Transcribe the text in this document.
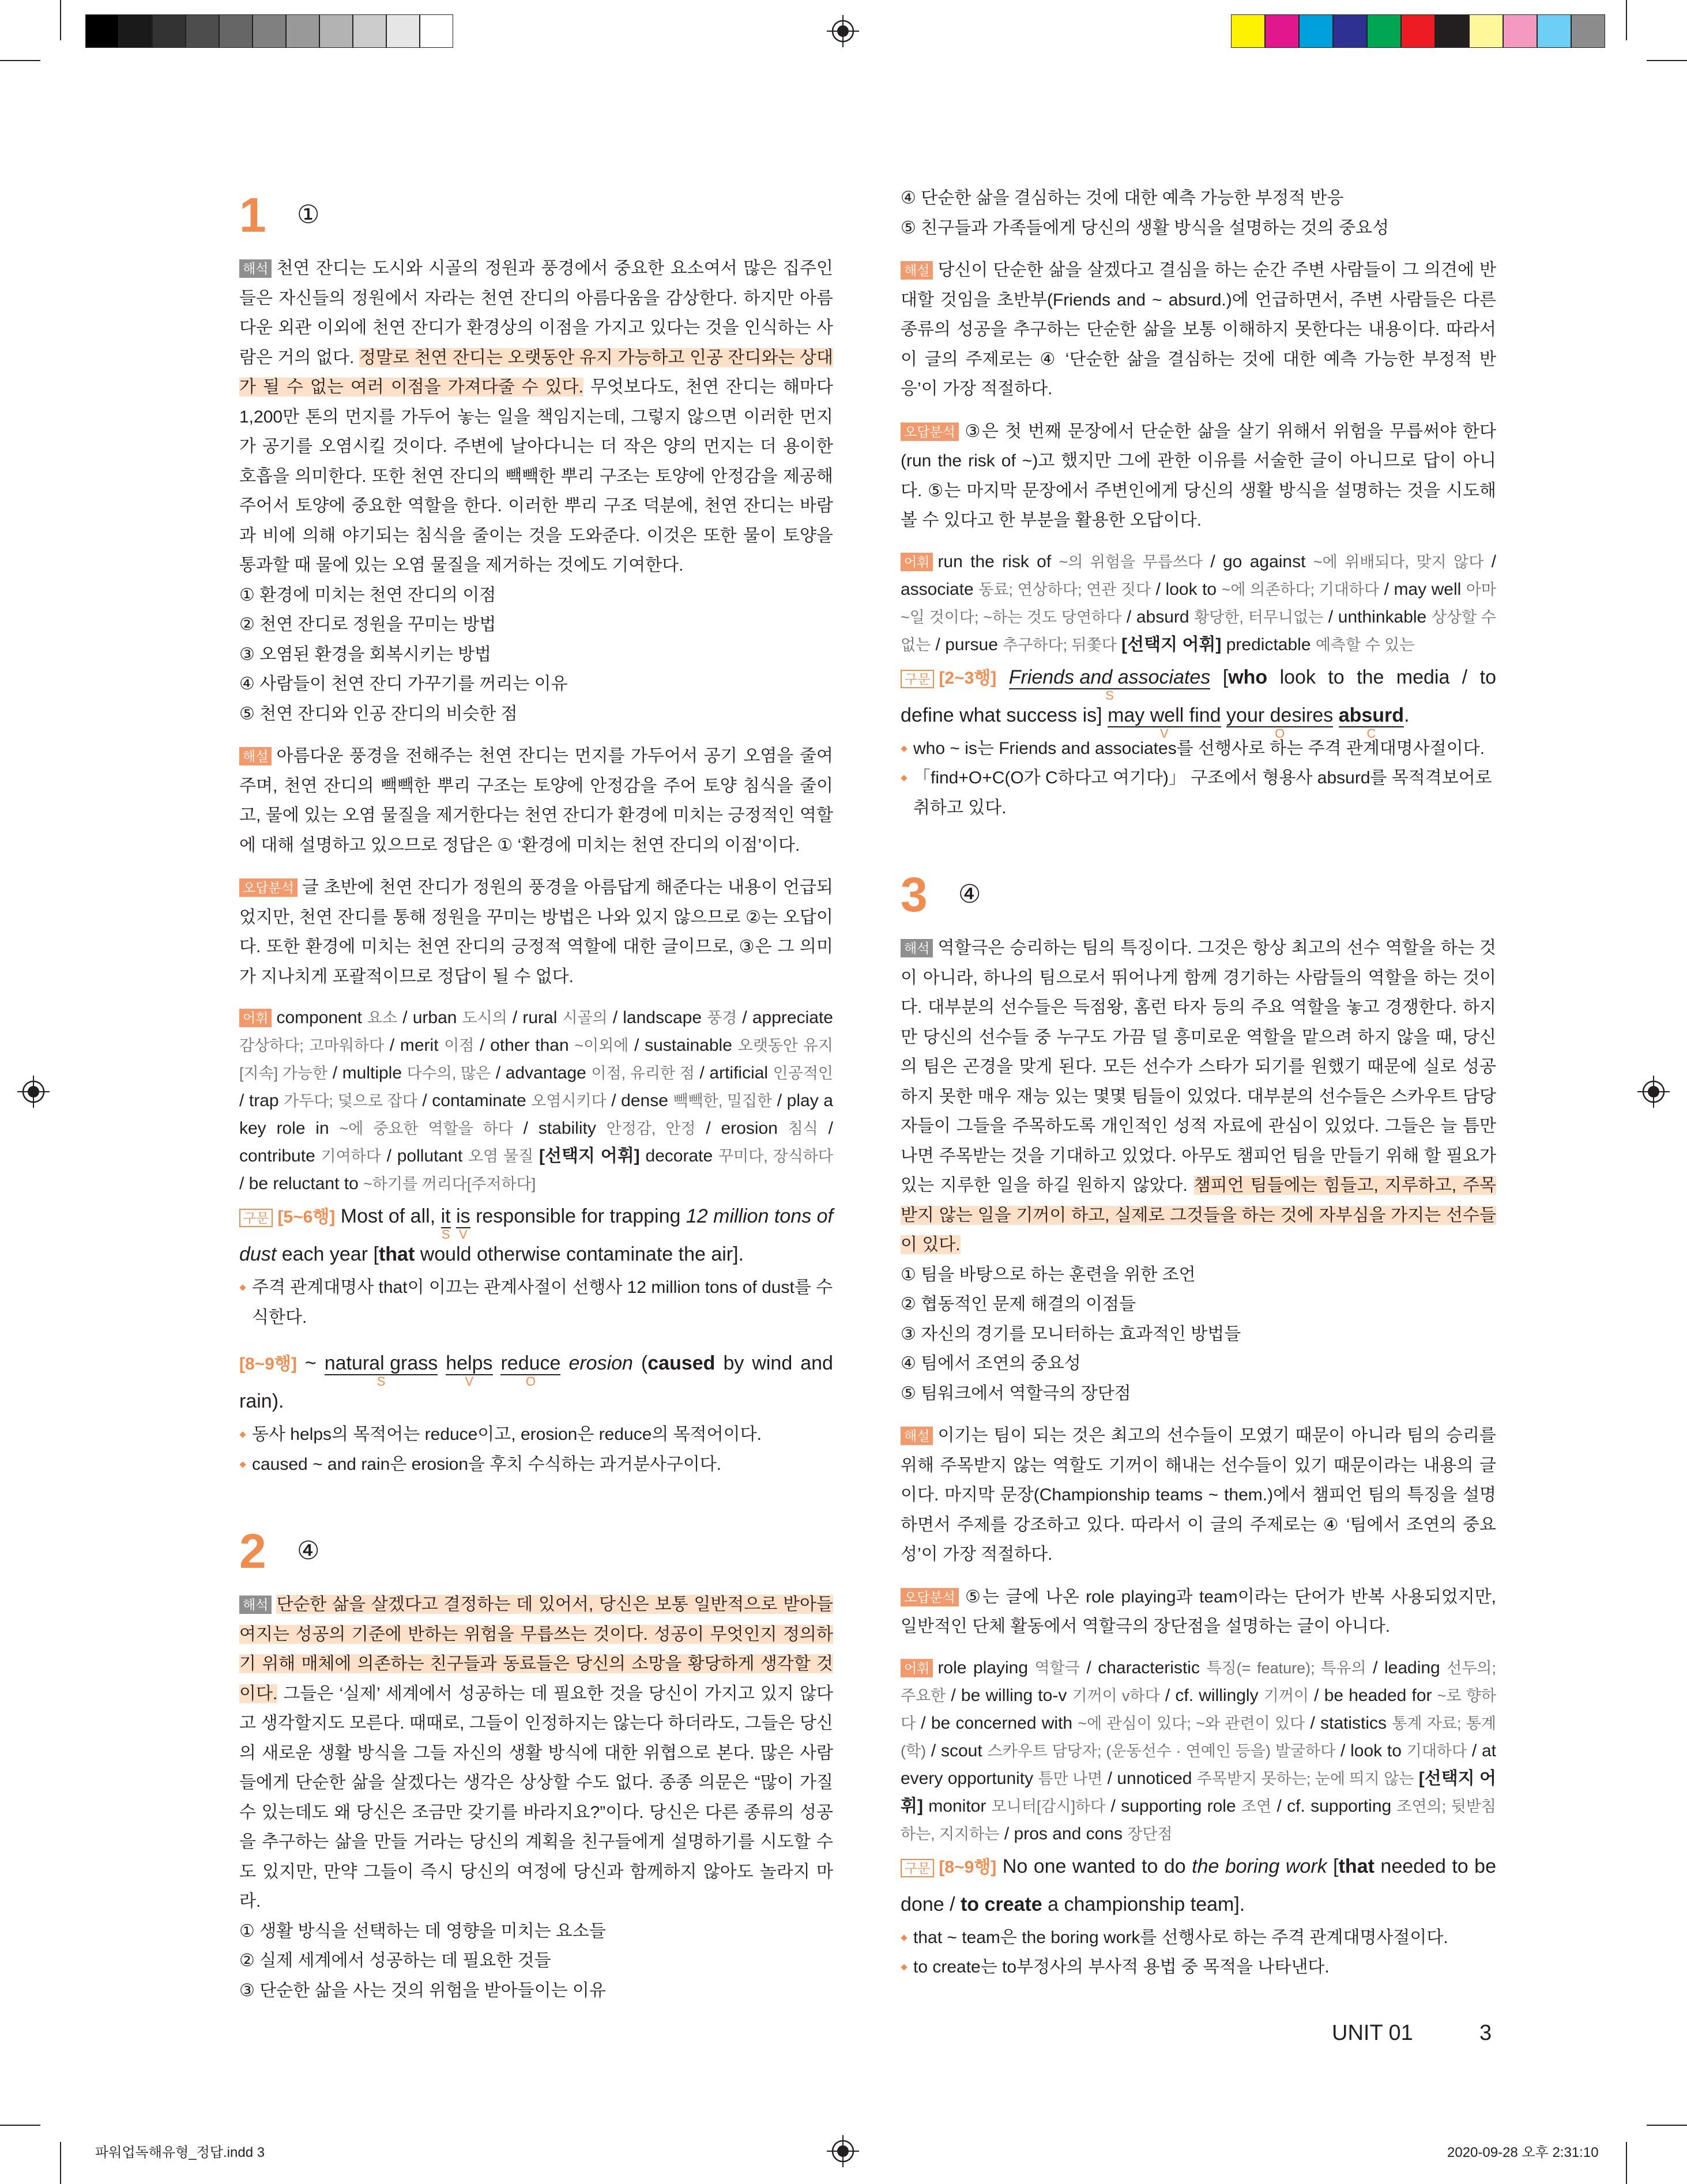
1	①

해석 천연 잔디는 도시와 시골의 정원과 풍경에서 중요한 요소여서 많은 집주인들은 자신들의 정원에서 자라는 천연 잔디의 아름다움을 감상한다. 하지만 아름다운 외관 이외에 천연 잔디가 환경상의 이점을 가지고 있다는 것을 인식하는 사람은 거의 없다. 정말로 천연 잔디는 오랫동안 유지 가능하고 인공 잔디와는 상대가 될 수 없는 여러 이점을 가져다줄 수 있다. 무엇보다도, 천연 잔디는 해마다 1,200만 톤의 먼지를 가두어 놓는 일을 책임지는데, 그렇지 않으면 이러한 먼지가 공기를 오염시킬 것이다. 주변에 날아다니는 더 작은 양의 먼지는 더 용이한 호흡을 의미한다. 또한 천연 잔디의 빽빽한 뿌리 구조는 토양에 안정감을 제공해 주어서 토양에 중요한 역할을 한다. 이러한 뿌리 구조 덕분에, 천연 잔디는 바람과 비에 의해 야기되는 침식을 줄이는 것을 도와준다. 이것은 또한 물이 토양을 통과할 때 물에 있는 오염 물질을 제거하는 것에도 기여한다.

① 환경에 미치는 천연 잔디의 이점
② 천연 잔디로 정원을 꾸미는 방법
③ 오염된 환경을 회복시키는 방법
④ 사람들이 천연 잔디 가꾸기를 꺼리는 이유
⑤ 천연 잔디와 인공 잔디의 비슷한 점

해설 아름다운 풍경을 전해주는 천연 잔디는 먼지를 가두어서 공기 오염을 줄여주며, 천연 잔디의 빽빽한 뿌리 구조는 토양에 안정감을 주어 토양 침식을 줄이고, 물에 있는 오염 물질을 제거한다는 천연 잔디가 환경에 미치는 긍정적인 역할에 대해 설명하고 있으므로 정답은 ① ‘환경에 미치는 천연 잔디의 이점’이다.

오답분석 글 초반에 천연 잔디가 정원의 풍경을 아름답게 해준다는 내용이 언급되었지만, 천연 잔디를 통해 정원을 꾸미는 방법은 나와 있지 않으므로 ②는 오답이다. 또한 환경에 미치는 천연 잔디의 긍정적 역할에 대한 글이므로, ③은 그 의미가 지나치게 포괄적이므로 정답이 될 수 없다.

어휘 component 요소 / urban 도시의 / rural 시골의 / landscape 풍경 / appreciate 감상하다; 고마워하다 / merit 이점 / other than ~이외에 / sustainable 오랫동안 유지[지속] 가능한 / multiple 다수의, 많은 / advantage 이점, 유리한 점 / artificial 인공적인 / trap 가두다; 덫으로 잡다 / contaminate 오염시키다 / dense 빽빽한, 밀집한 / play a key role in ~에 중요한 역할을 하다 / stability 안정감, 안정 / erosion 침식 / contribute 기여하다 / pollutant 오염 물질 [선택지 어휘] decorate 꾸미다, 장식하다 / be reluctant to ~하기를 꺼리다[주저하다]

구문 [5~6행] Most of all, it
S
is
V
responsible for trapping 12 million tons of dust each year [that would otherwise contaminate the air].
주격 관계대명사 that이 이끄는 관계사절이 선행사 12 million tons of dust를 수식한다.
[8~9행] ~ natural grass
S
helps
V
reduce
O
erosion (caused by wind and rain).
동사 helps의 목적어는 reduce이고, erosion은 reduce의 목적어이다.
caused ~ and rain은 erosion을 후치 수식하는 과거분사구이다.
2	④

해석 단순한 삶을 살겠다고 결정하는 데 있어서, 당신은 보통 일반적으로 받아들여지는 성공의 기준에 반하는 위험을 무릅쓰는 것이다. 성공이 무엇인지 정의하기 위해 매체에 의존하는 친구들과 동료들은 당신의 소망을 황당하게 생각할 것이다. 그들은 ‘실제’ 세계에서 성공하는 데 필요한 것을 당신이 가지고 있지 않다고 생각할지도 모른다. 때때로, 그들이 인정하지는 않는다 하더라도, 그들은 당신의 새로운 생활 방식을 그들 자신의 생활 방식에 대한 위협으로 본다. 많은 사람들에게 단순한 삶을 살겠다는 생각은 상상할 수도 없다. 종종 의문은 “많이 가질 수 있는데도 왜 당신은 조금만 갖기를 바라지요?”이다. 당신은 다른 종류의 성공을 추구하는 삶을 만들 거라는 당신의 계획을 친구들에게 설명하기를 시도할 수도 있지만, 만약 그들이 즉시 당신의 여정에 당신과 함께하지 않아도 놀라지 마라.

① 생활 방식을 선택하는 데 영향을 미치는 요소들
② 실제 세계에서 성공하는 데 필요한 것들
③ 단순한 삶을 사는 것의 위험을 받아들이는 이유
④ 단순한 삶을 결심하는 것에 대한 예측 가능한 부정적 반응
⑤ 친구들과 가족들에게 당신의 생활 방식을 설명하는 것의 중요성

해설 당신이 단순한 삶을 살겠다고 결심을 하는 순간 주변 사람들이 그 의견에 반대할 것임을 초반부(Friends and ~ absurd.)에 언급하면서, 주변 사람들은 다른 종류의 성공을 추구하는 단순한 삶을 보통 이해하지 못한다는 내용이다. 따라서 이 글의 주제로는 ④ ‘단순한 삶을 결심하는 것에 대한 예측 가능한 부정적 반응’이 가장 적절하다.

오답분석 ③은 첫 번째 문장에서 단순한 삶을 살기 위해서 위험을 무릅써야 한다(run the risk of ~)고 했지만 그에 관한 이유를 서술한 글이 아니므로 답이 아니다. ⑤는 마지막 문장에서 주변인에게 당신의 생활 방식을 설명하는 것을 시도해 볼 수 있다고 한 부분을 활용한 오답이다.

어휘 run the risk of ~의 위험을 무릅쓰다 / go against ~에 위배되다, 맞지 않다 / associate 동료; 연상하다; 연관 짓다 / look to ~에 의존하다; 기대하다 / may well 아마 ~일 것이다; ~하는 것도 당연하다 / absurd 황당한, 터무니없는 / unthinkable 상상할 수 없는 / pursue 추구하다; 뒤쫓다 [선택지 어휘] predictable 예측할 수 있는

구문 [2~3행] Friends and associates
S
[who look to the media / to define what success is] may well find
V
your desires
O
absurd
C
.
who ~ is는 Friends and associates를 선행사로 하는 주격 관계대명사절이다.
「find+O+C(O가 C하다고 여기다)」 구조에서 형용사 absurd를 목적격보어로 취하고 있다.
3	④

해석 역할극은 승리하는 팀의 특징이다. 그것은 항상 최고의 선수 역할을 하는 것이 아니라, 하나의 팀으로서 뛰어나게 함께 경기하는 사람들의 역할을 하는 것이다. 대부분의 선수들은 득점왕, 홈런 타자 등의 주요 역할을 놓고 경쟁한다. 하지만 당신의 선수들 중 누구도 가끔 덜 흥미로운 역할을 맡으려 하지 않을 때, 당신의 팀은 곤경을 맞게 된다. 모든 선수가 스타가 되기를 원했기 때문에 실로 성공하지 못한 매우 재능 있는 몇몇 팀들이 있었다. 대부분의 선수들은 스카우트 담당자들이 그들을 주목하도록 개인적인 성적 자료에 관심이 있었다. 그들은 늘 틈만 나면 주목받는 것을 기대하고 있었다. 아무도 챔피언 팀을 만들기 위해 할 필요가 있는 지루한 일을 하길 원하지 않았다. 챔피언 팀들에는 힘들고, 지루하고, 주목받지 않는 일을 기꺼이 하고, 실제로 그것들을 하는 것에 자부심을 가지는 선수들이 있다.

① 팀을 바탕으로 하는 훈련을 위한 조언
② 협동적인 문제 해결의 이점들
③ 자신의 경기를 모니터하는 효과적인 방법들
④ 팀에서 조연의 중요성
⑤ 팀워크에서 역할극의 장단점

해설 이기는 팀이 되는 것은 최고의 선수들이 모였기 때문이 아니라 팀의 승리를 위해 주목받지 않는 역할도 기꺼이 해내는 선수들이 있기 때문이라는 내용의 글이다. 마지막 문장(Championship teams ~ them.)에서 챔피언 팀의 특징을 설명하면서 주제를 강조하고 있다. 따라서 이 글의 주제로는 ④ ‘팀에서 조연의 중요성’이 가장 적절하다.

오답분석 ⑤는 글에 나온 role playing과 team이라는 단어가 반복 사용되었지만, 일반적인 단체 활동에서 역할극의 장단점을 설명하는 글이 아니다.

어휘 role playing 역할극 / characteristic 특징(= feature); 특유의 / leading 선두의; 주요한 / be willing to-v 기꺼이 v하다 / cf. willingly 기꺼이 / be headed for ~로 향하다 / be concerned with ~에 관심이 있다; ~와 관련이 있다 / statistics 통계 자료; 통계(학) / scout 스카우트 담당자; (운동선수 · 연예인 등을) 발굴하다 / look to 기대하다 / at every opportunity 틈만 나면 / unnoticed 주목받지 못하는; 눈에 띄지 않는 [선택지 어휘] monitor 모니터[감시]하다 / supporting role 조연 / cf. supporting 조연의; 뒷받침하는, 지지하는 / pros and cons 장단점

구문 [8~9행] No one wanted to do the boring work [that needed to be done / to create a championship team].
that ~ team은 the boring work를 선행사로 하는 주격 관계대명사절이다.
to create는 to부정사의 부사적 용법 중 목적을 나타낸다.
UNIT 01	3
파워업독해유형_정답.indd 3	2020-09-28 오후 2:31:10
